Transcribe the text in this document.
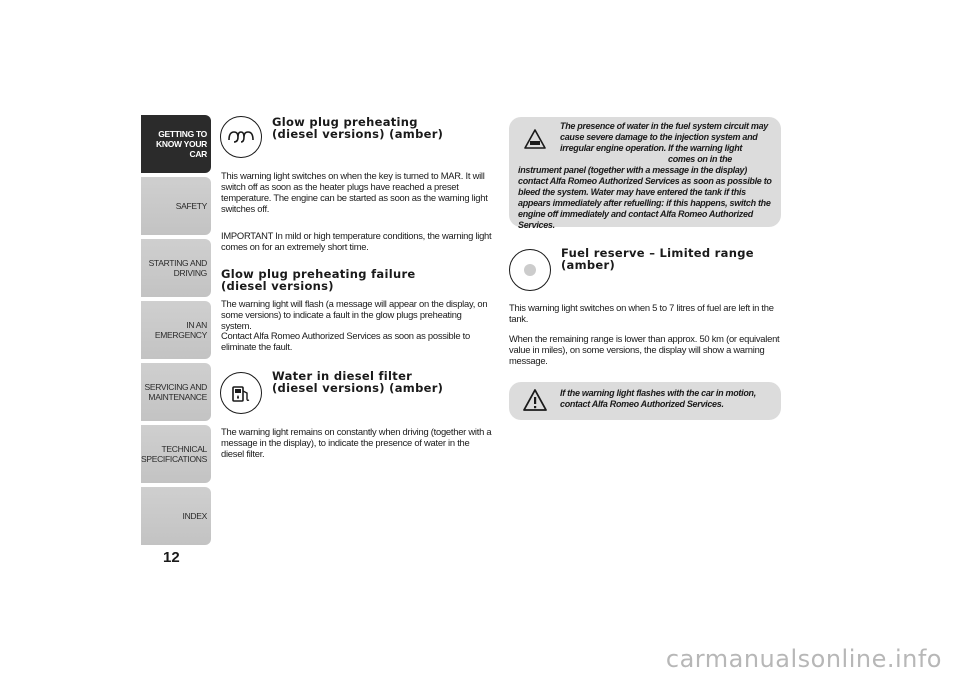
GETTING TO
KNOW YOUR CAR
SAFETY
STARTING AND
DRIVING
IN AN EMERGENCY
SERVICING AND
MAINTENANCE
TECHNICAL
SPECIFICATIONS
INDEX
12
Glow plug preheating
(diesel versions) (amber)
This warning light switches on when the key is turned to MAR. It will switch off as soon as the heater plugs have reached a preset temperature. The engine can be started as soon as the warning light switches off.
IMPORTANT In mild or high temperature conditions, the warning light comes on for an extremely short time.
Glow plug preheating failure
(diesel versions)
The warning light will flash (a message will appear on the display, on some versions) to indicate a fault in the glow plugs preheating system.
Contact Alfa Romeo Authorized Services as soon as possible to eliminate the fault.
Water in diesel filter
(diesel versions) (amber)
The warning light remains on constantly when driving (together with a message in the display), to indicate the presence of water in the diesel filter.
The presence of water in the fuel system circuit may cause severe damage to the injection system and irregular engine operation. If the warning light
comes on in the instrument panel (together with a message in the display) contact Alfa Romeo Authorized Services as soon as possible to bleed the system. Water may have entered the tank if this appears immediately after refuelling: if this happens, switch the engine off immediately and contact Alfa Romeo Authorized Services.
Fuel reserve – Limited range
(amber)
This warning light switches on when 5 to 7 litres of fuel are left in the tank.
When the remaining range is lower than approx. 50 km (or equivalent value in miles), on some versions, the display will show a warning message.
If the warning light flashes with the car in motion, contact Alfa Romeo Authorized Services.
carmanualsonline.info
